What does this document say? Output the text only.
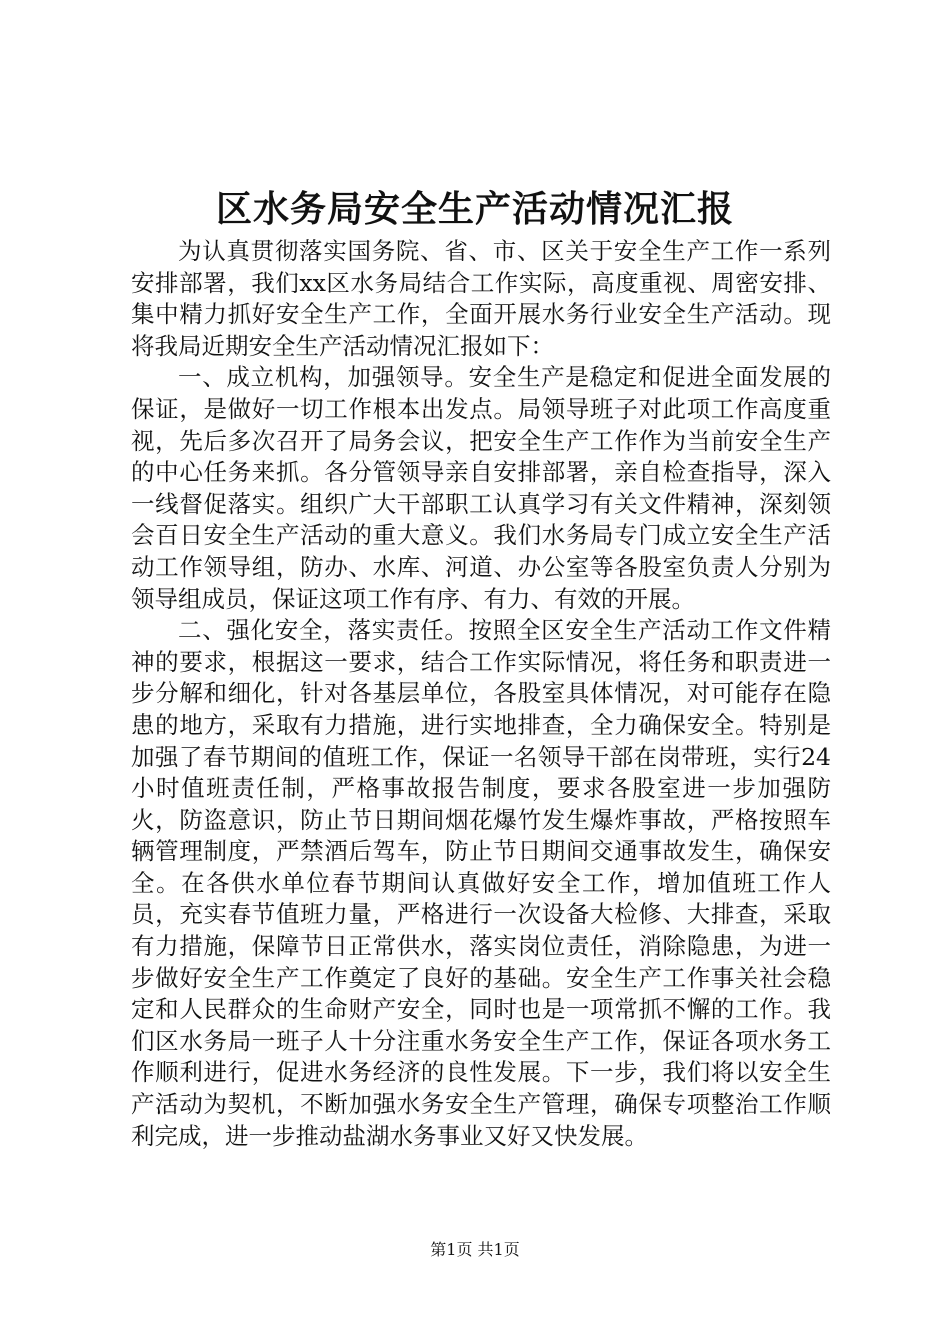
区水务局安全生产活动情况汇报

为认真贯彻落实国务院、省、市、区关于安全生产工作一系列安排部署，我们xx区水务局结合工作实际，高度重视、周密安排、集中精力抓好安全生产工作，全面开展水务行业安全生产活动。现将我局近期安全生产活动情况汇报如下：

一、成立机构，加强领导。安全生产是稳定和促进全面发展的保证，是做好一切工作根本出发点。局领导班子对此项工作高度重视，先后多次召开了局务会议，把安全生产工作作为当前安全生产的中心任务来抓。各分管领导亲自安排部署，亲自检查指导，深入一线督促落实。组织广大干部职工认真学习有关文件精神，深刻领会百日安全生产活动的重大意义。我们水务局专门成立安全生产活动工作领导组，防办、水库、河道、办公室等各股室负责人分别为领导组成员，保证这项工作有序、有力、有效的开展。

二、强化安全，落实责任。按照全区安全生产活动工作文件精神的要求，根据这一要求，结合工作实际情况，将任务和职责进一步分解和细化，针对各基层单位，各股室具体情况，对可能存在隐患的地方，采取有力措施，进行实地排查，全力确保安全。特别是加强了春节期间的值班工作，保证一名领导干部在岗带班，实行24小时值班责任制，严格事故报告制度，要求各股室进一步加强防火，防盗意识，防止节日期间烟花爆竹发生爆炸事故，严格按照车辆管理制度，严禁酒后驾车，防止节日期间交通事故发生，确保安全。在各供水单位春节期间认真做好安全工作，增加值班工作人员，充实春节值班力量，严格进行一次设备大检修、大排查，采取有力措施，保障节日正常供水，落实岗位责任，消除隐患，为进一步做好安全生产工作奠定了良好的基础。安全生产工作事关社会稳定和人民群众的生命财产安全，同时也是一项常抓不懈的工作。我们区水务局一班子人十分注重水务安全生产工作，保证各项水务工作顺利进行，促进水务经济的良性发展。下一步，我们将以安全生产活动为契机，不断加强水务安全生产管理，确保专项整治工作顺利完成，进一步推动盐湖水务事业又好又快发展。

第1页 共1页
